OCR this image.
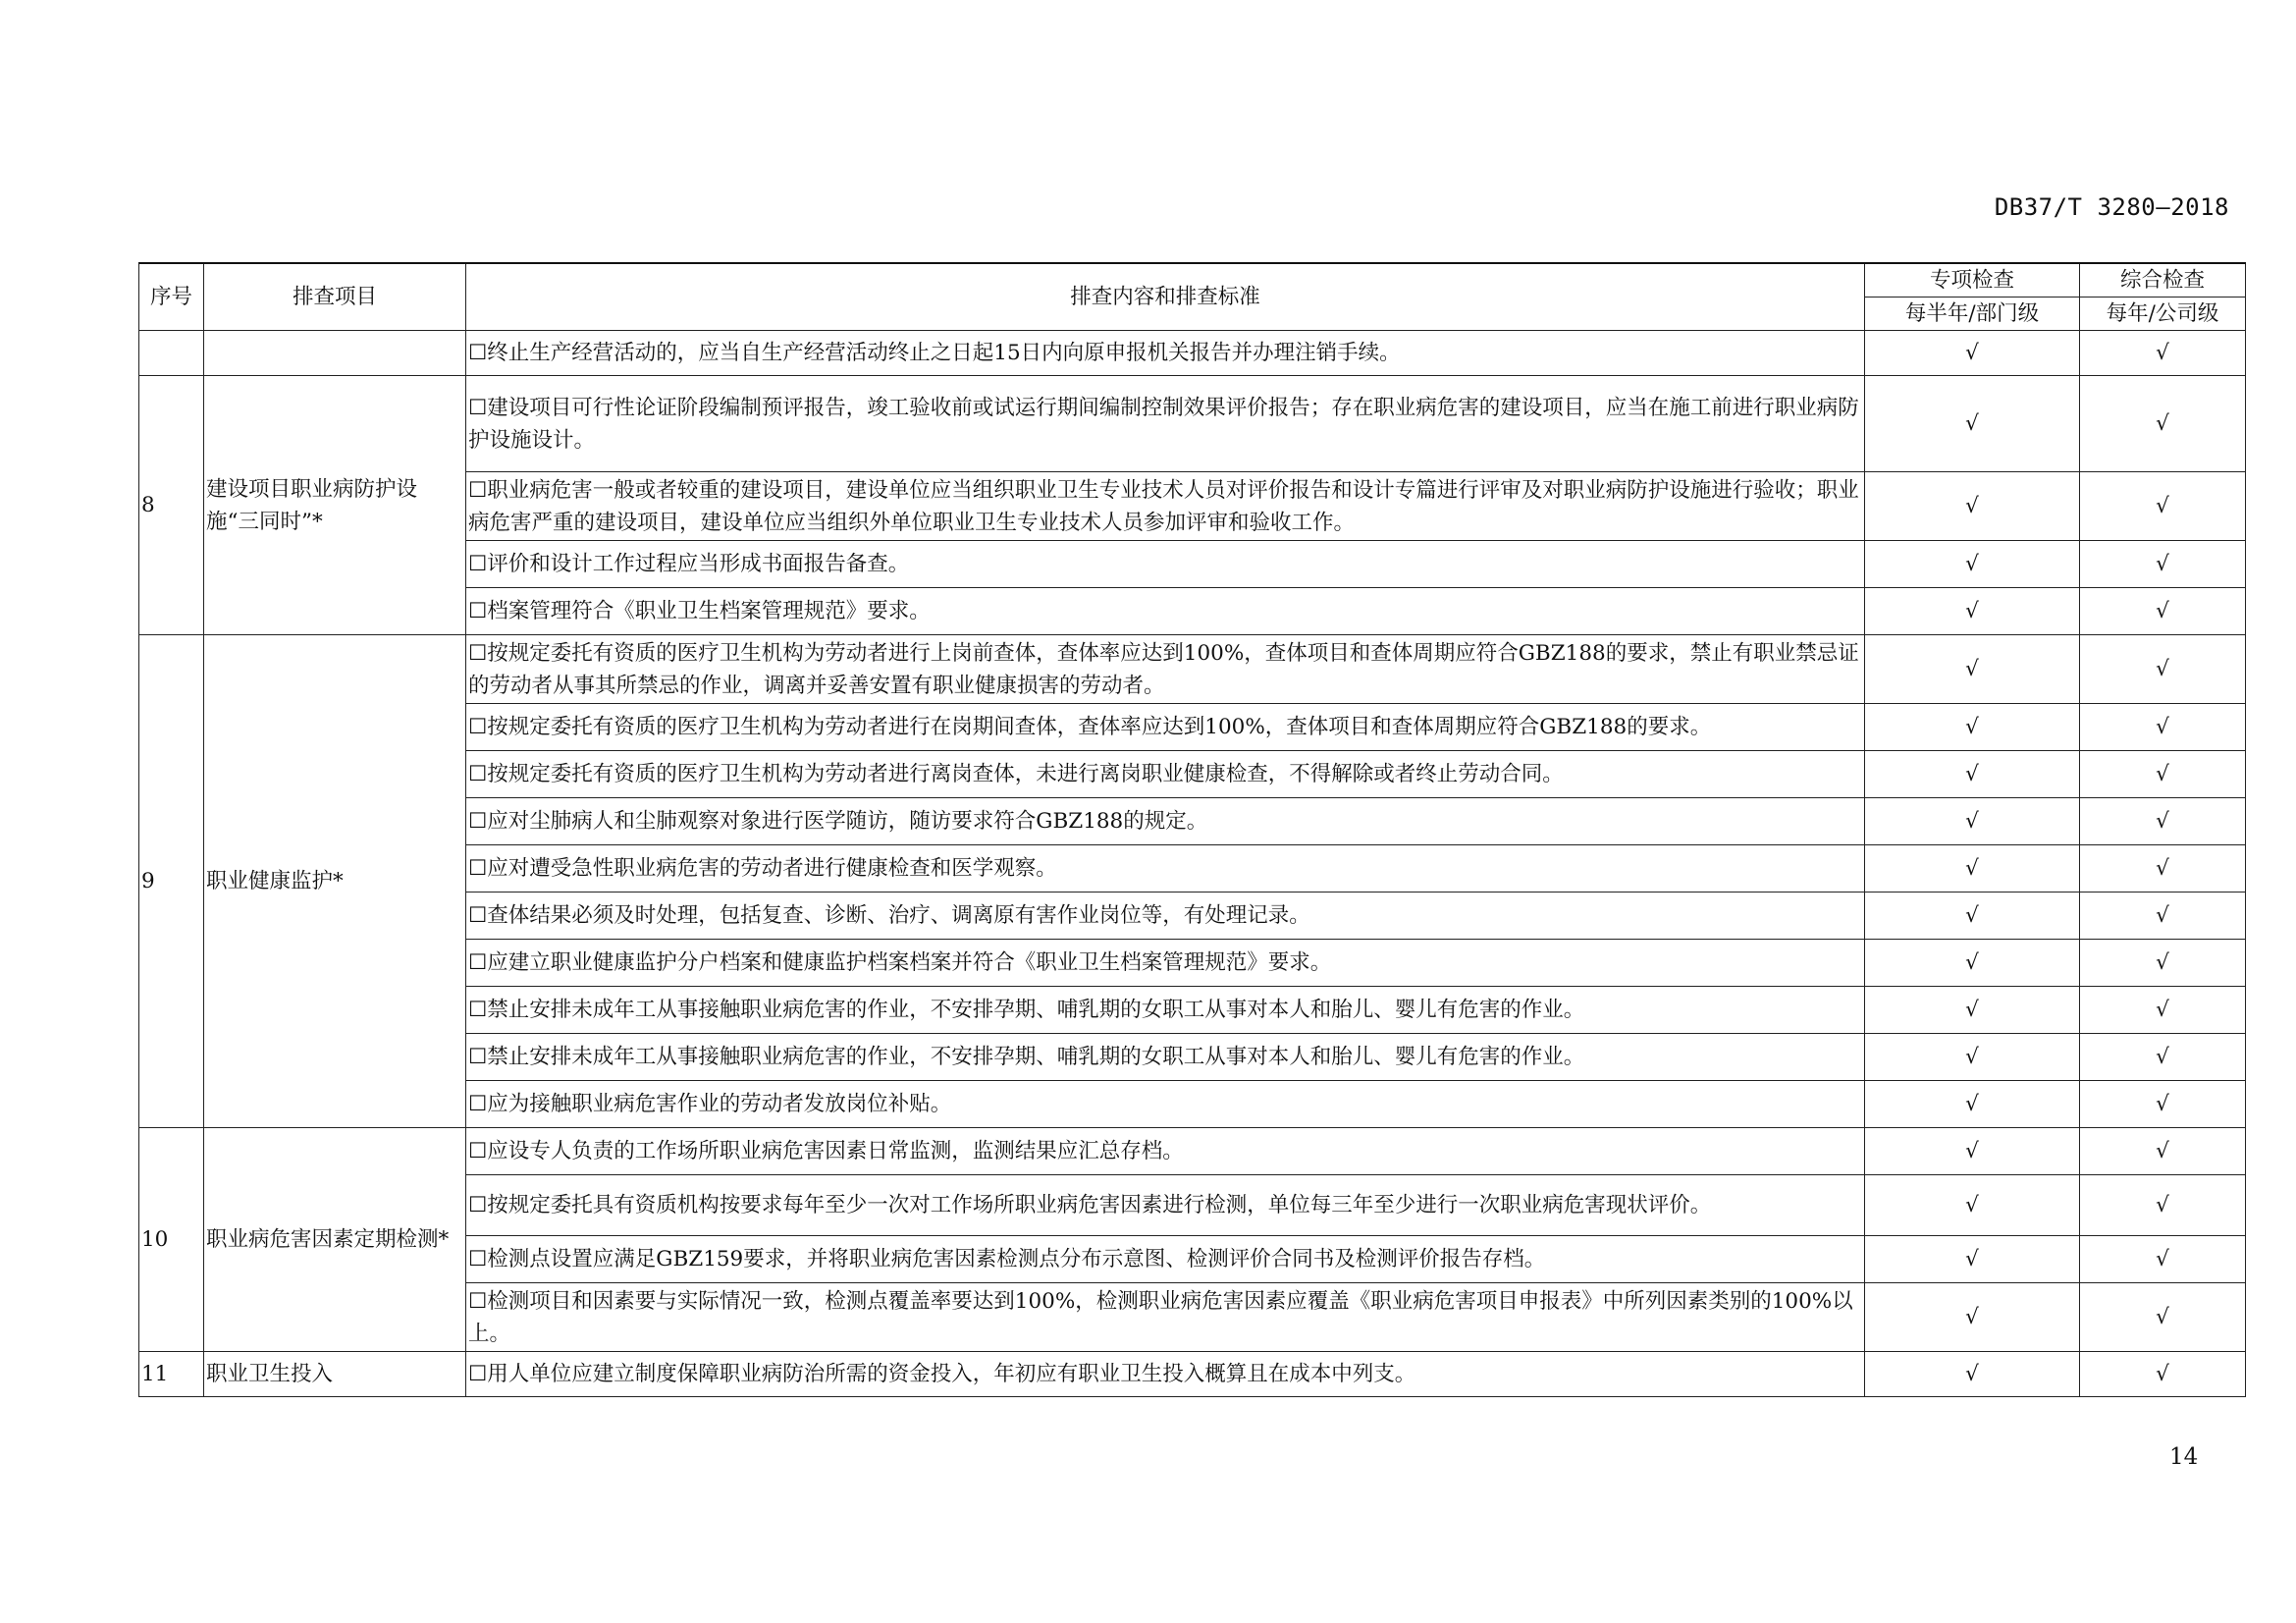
DB37/T 3280—2018
序号	排查项目	排查内容和排查标准	专项检查	综合检查
			每半年/部门级	每年/公司级
		☐终止生产经营活动的，应当自生产经营活动终止之日起15日内向原申报机关报告并办理注销手续。	√	√
8	建设项目职业病防护设施“三同时”*	☐建设项目可行性论证阶段编制预评报告，竣工验收前或试运行期间编制控制效果评价报告；存在职业病危害的建设项目，应当在施工前进行职业病防护设施设计。	√	√
		☐职业病危害一般或者较重的建设项目，建设单位应当组织职业卫生专业技术人员对评价报告和设计专篇进行评审及对职业病防护设施进行验收；职业病危害严重的建设项目，建设单位应当组织外单位职业卫生专业技术人员参加评审和验收工作。	√	√
		☐评价和设计工作过程应当形成书面报告备查。	√	√
		☐档案管理符合《职业卫生档案管理规范》要求。	√	√
9	职业健康监护*	☐按规定委托有资质的医疗卫生机构为劳动者进行上岗前查体，查体率应达到100%，查体项目和查体周期应符合GBZ188的要求，禁止有职业禁忌证的劳动者从事其所禁忌的作业，调离并妥善安置有职业健康损害的劳动者。	√	√
		☐按规定委托有资质的医疗卫生机构为劳动者进行在岗期间查体，查体率应达到100%，查体项目和查体周期应符合GBZ188的要求。	√	√
		☐按规定委托有资质的医疗卫生机构为劳动者进行离岗查体，未进行离岗职业健康检查，不得解除或者终止劳动合同。	√	√
		☐应对尘肺病人和尘肺观察对象进行医学随访，随访要求符合GBZ188的规定。	√	√
		☐应对遭受急性职业病危害的劳动者进行健康检查和医学观察。	√	√
		☐查体结果必须及时处理，包括复查、诊断、治疗、调离原有害作业岗位等，有处理记录。	√	√
		☐应建立职业健康监护分户档案和健康监护档案档案并符合《职业卫生档案管理规范》要求。	√	√
		☐禁止安排未成年工从事接触职业病危害的作业，不安排孕期、哺乳期的女职工从事对本人和胎儿、婴儿有危害的作业。	√	√
		☐禁止安排未成年工从事接触职业病危害的作业，不安排孕期、哺乳期的女职工从事对本人和胎儿、婴儿有危害的作业。	√	√
		☐应为接触职业病危害作业的劳动者发放岗位补贴。	√	√
10	职业病危害因素定期检测*	☐应设专人负责的工作场所职业病危害因素日常监测，监测结果应汇总存档。	√	√
		☐按规定委托具有资质机构按要求每年至少一次对工作场所职业病危害因素进行检测，单位每三年至少进行一次职业病危害现状评价。	√	√
		☐检测点设置应满足GBZ159要求，并将职业病危害因素检测点分布示意图、检测评价合同书及检测评价报告存档。	√	√
		☐检测项目和因素要与实际情况一致，检测点覆盖率要达到100%，检测职业病危害因素应覆盖《职业病危害项目申报表》中所列因素类别的100%以上。	√	√
11	职业卫生投入	☐用人单位应建立制度保障职业病防治所需的资金投入，年初应有职业卫生投入概算且在成本中列支。	√	√
14
